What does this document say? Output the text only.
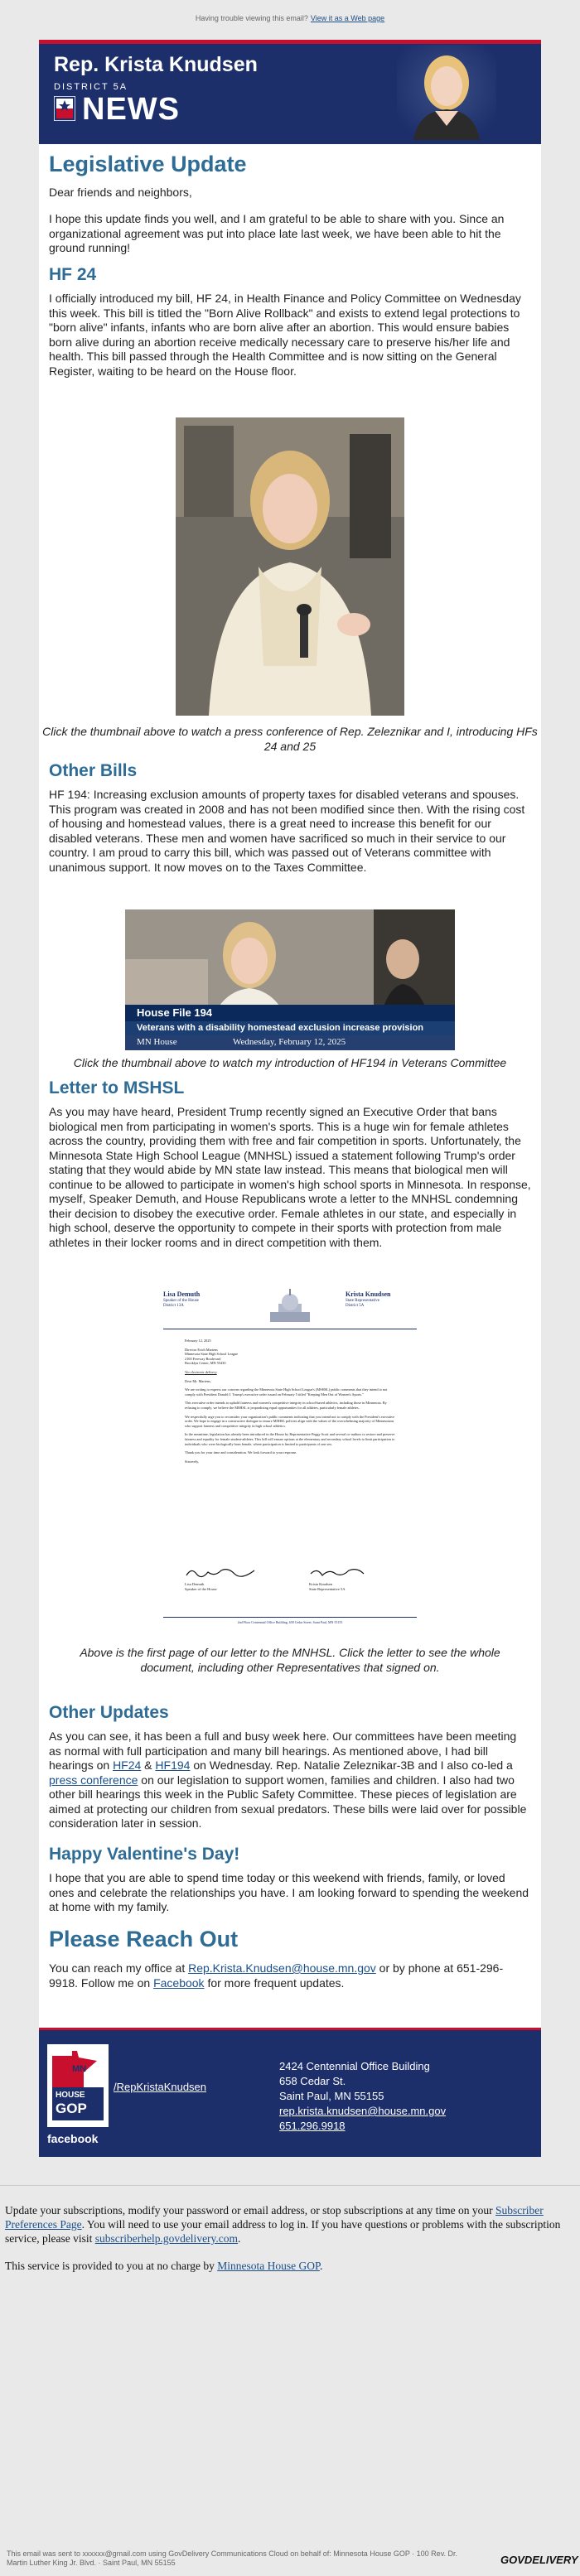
Having trouble viewing this email? View it as a Web page
Rep. Krista Knudsen
DISTRICT 5A
NEWS
Legislative Update

Dear friends and neighbors,

I hope this update finds you well, and I am grateful to be able to share with you. Since an organizational agreement was put into place late last week, we have been able to hit the ground running!

HF 24

I officially introduced my bill, HF 24, in Health Finance and Policy Committee on Wednesday this week. This bill is titled the "Born Alive Rollback" and exists to extend legal protections to "born alive" infants, infants who are born alive after an abortion. This would ensure babies born alive during an abortion receive medically necessary care to preserve his/her life and health. This bill passed through the Health Committee and is now sitting on the General Register, waiting to be heard on the House floor.

Click the thumbnail above to watch a press conference of Rep. Zeleznikar and I, introducing HFs 24 and 25
Other Bills

HF 194: Increasing exclusion amounts of property taxes for disabled veterans and spouses. This program was created in 2008 and has not been modified since then. With the rising cost of housing and homestead values, there is a great need to increase this benefit for our disabled veterans. These men and women have sacrificed so much in their service to our country. I am proud to carry this bill, which was passed out of Veterans committee with unanimous support. It now moves on to the Taxes Committee.

House File 194
Veterans with a disability homestead exclusion increase provision
MN House	Wednesday, February 12, 2025
Click the thumbnail above to watch my introduction of HF194 in Veterans Committee
Letter to MSHSL

As you may have heard, President Trump recently signed an Executive Order that bans biological men from participating in women's sports. This is a huge win for female athletes across the country, providing them with free and fair competition in sports. Unfortunately, the Minnesota State High School League (MNHSL) issued a statement following Trump's order stating that they would abide by MN state law instead. This means that biological men will continue to be allowed to participate in women's high school sports in Minnesota. In response, myself, Speaker Demuth, and House Republicans wrote a letter to the MNHSL condemning their decision to disobey the executive order. Female athletes in our state, and especially in high school, deserve the opportunity to compete in their sports with protection from male athletes in their locker rooms and in direct competition with them.

Lisa Demuth
Speaker of the House
District 13A
Krista Knudsen
State Representative
District 5A
February 12, 2025
Director Erich Martens
Minnesota State High School League
2100 Freeway Boulevard
Brooklyn Center, MN 55430
Via electronic delivery
Dear Mr. Martens,
We are writing to express our concern regarding the Minnesota State High School League's (MSHSL) public comments that they intend to not comply with President Donald J. Trump's executive order issued on February 5 titled "Keeping Men Out of Women's Sports."
This executive order intends to uphold fairness and women's competitive integrity in school-based athletics, including those in Minnesota. By refusing to comply, we believe the MSHSL is jeopardizing equal opportunities for all athletes, particularly female athletes.
We respectfully urge you to reconsider your organization's public comments indicating that you intend not to comply with the President's executive order. We hope to engage in a constructive dialogue to ensure MSHSL policies align with the values of the overwhelming majority of Minnesotans who support fairness and competitive integrity in high school athletics.
In the meantime, legislation has already been introduced in the House by Representative Peggy Scott and several co-authors to restore and preserve fairness and equality for female student-athletes. This bill will ensure options at the elementary and secondary school levels to limit participation to individuals who were biologically born female, where participation is limited to participants of one sex.
Thank you for your time and consideration. We look forward to your response.
Sincerely,
Lisa Demuth
Speaker of the House
Krista Knudsen
State Representative 5A
2nd Floor Centennial Office Building, 658 Cedar Street, Saint Paul, MN 55155
Above is the first page of our letter to the MNHSL. Click the letter to see the whole document, including other Representatives that signed on.
Other Updates

As you can see, it has been a full and busy week here. Our committees have been meeting as normal with full participation and many bill hearings. As mentioned above, I had bill hearings on HF24 & HF194 on Wednesday. Rep. Natalie Zeleznikar-3B and I also co-led a press conference on our legislation to support women, families and children. I also had two other bill hearings this week in the Public Safety Committee. These pieces of legislation are aimed at protecting our children from sexual predators. These bills were laid over for possible consideration later in session.

Happy Valentine's Day!

I hope that you are able to spend time today or this weekend with friends, family, or loved ones and celebrate the relationships you have. I am looking forward to spending the weekend at home with my family.

Please Reach Out

You can reach my office at Rep.Krista.Knudsen@house.mn.gov or by phone at 651-296-9918. Follow me on Facebook for more frequent updates.

MN
HOUSE
GOP
facebook
/RepKristaKnudsen
2424 Centennial Office Building
658 Cedar St.
Saint Paul, MN 55155
rep.krista.knudsen@house.mn.gov
651.296.9918
Update your subscriptions, modify your password or email address, or stop subscriptions at any time on your Subscriber Preferences Page. You will need to use your email address to log in. If you have questions or problems with the subscription service, please visit subscriberhelp.govdelivery.com.
This service is provided to you at no charge by Minnesota House GOP.
This email was sent to xxxxxx@gmail.com using GovDelivery Communications Cloud on behalf of: Minnesota House GOP · 100 Rev. Dr. Martin Luther King Jr. Blvd. · Saint Paul, MN 55155	GOVDELIVERY
